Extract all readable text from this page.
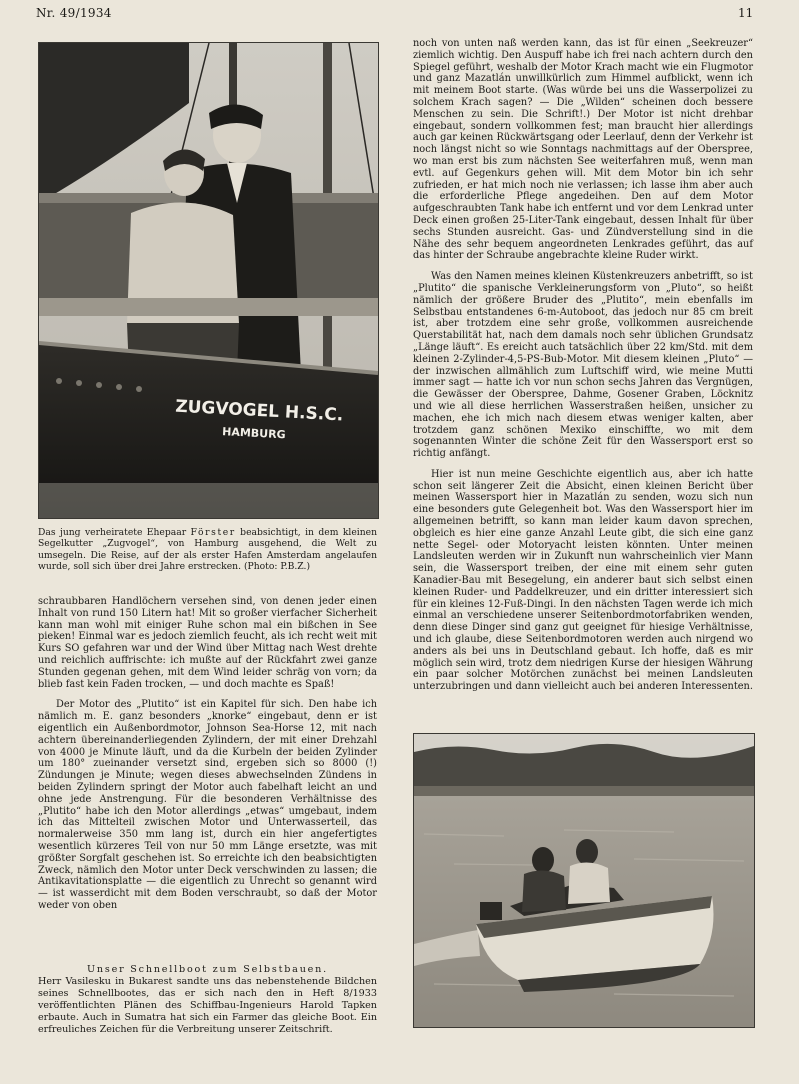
Nr. 49/1934	11
ZUGVOGEL H.S.C.
HAMBURG
Das jung verheiratete Ehepaar Förster beabsichtigt, in dem kleinen Segelkutter „Zugvogel“, von Hamburg ausgehend, die Welt zu umsegeln. Die Reise, auf der als erster Hafen Amsterdam angelaufen wurde, soll sich über drei Jahre erstrecken. (Photo: P.B.Z.)

schraubbaren Handlöchern versehen sind, von denen jeder einen Inhalt von rund 150 Litern hat! Mit so großer vierfacher Sicherheit kann man wohl mit einiger Ruhe schon mal ein bißchen in See pieken! Einmal war es jedoch ziemlich feucht, als ich recht weit mit Kurs SO gefahren war und der Wind über Mittag nach West drehte und reichlich auffrischte: ich mußte auf der Rückfahrt zwei ganze Stunden gegenan gehen, mit dem Wind leider schräg von vorn; da blieb fast kein Faden trocken, — und doch machte es Spaß!

Der Motor des „Plutito“ ist ein Kapitel für sich. Den habe ich nämlich m. E. ganz besonders „knorke“ eingebaut, denn er ist eigentlich ein Außenbordmotor, Johnson Sea-Horse 12, mit nach achtern übereinanderliegenden Zylindern, der mit einer Drehzahl von 4000 je Minute läuft, und da die Kurbeln der beiden Zylinder um 180° zueinander versetzt sind, ergeben sich so 8000 (!) Zündungen je Minute; wegen dieses abwechselnden Zündens in beiden Zylindern springt der Motor auch fabelhaft leicht an und ohne jede Anstrengung. Für die besonderen Verhältnisse des „Plutito“ habe ich den Motor allerdings „etwas“ umgebaut, indem ich das Mittelteil zwischen Motor und Unterwasserteil, das normalerweise 350 mm lang ist, durch ein hier angefertigtes wesentlich kürzeres Teil von nur 50 mm Länge ersetzte, was mit größter Sorgfalt geschehen ist. So erreichte ich den beabsichtigten Zweck, nämlich den Motor unter Deck verschwinden zu lassen; die Antikavitationsplatte — die eigentlich zu Unrecht so genannt wird — ist wasserdicht mit dem Boden verschraubt, so daß der Motor weder von oben

Unser Schnellboot zum Selbstbauen.
Herr Vasilesku in Bukarest sandte uns das nebenstehende Bildchen seines Schnellbootes, das er sich nach den in Heft 8/1933 veröffentlichten Plänen des Schiffbau-Ingenieurs Harold Tapken erbaute. Auch in Sumatra hat sich ein Farmer das gleiche Boot. Ein erfreuliches Zeichen für die Verbreitung unserer Zeitschrift.

noch von unten naß werden kann, das ist für einen „Seekreuzer“ ziemlich wichtig. Den Auspuff habe ich frei nach achtern durch den Spiegel geführt, weshalb der Motor Krach macht wie ein Flugmotor und ganz Mazatlán unwillkürlich zum Himmel aufblickt, wenn ich mit meinem Boot starte. (Was würde bei uns die Wasserpolizei zu solchem Krach sagen? — Die „Wilden“ scheinen doch bessere Menschen zu sein. Die Schrift!.) Der Motor ist nicht drehbar eingebaut, sondern vollkommen fest; man braucht hier allerdings auch gar keinen Rückwärtsgang oder Leerlauf, denn der Verkehr ist noch längst nicht so wie Sonntags nachmittags auf der Oberspree, wo man erst bis zum nächsten See weiterfahren muß, wenn man evtl. auf Gegenkurs gehen will. Mit dem Motor bin ich sehr zufrieden, er hat mich noch nie verlassen; ich lasse ihm aber auch die erforderliche Pflege angedeihen. Den auf dem Motor aufgeschraubten Tank habe ich entfernt und vor dem Lenkrad unter Deck einen großen 25-Liter-Tank eingebaut, dessen Inhalt für über sechs Stunden ausreicht. Gas- und Zündverstellung sind in die Nähe des sehr bequem angeordneten Lenkrades geführt, das auf das hinter der Schraube angebrachte kleine Ruder wirkt.

Was den Namen meines kleinen Küstenkreuzers anbetrifft, so ist „Plutito“ die spanische Verkleinerungsform von „Pluto“, so heißt nämlich der größere Bruder des „Plutito“, mein ebenfalls im Selbstbau entstandenes 6-m-Autoboot, das jedoch nur 85 cm breit ist, aber trotzdem eine sehr große, vollkommen ausreichende Querstabilität hat, nach dem damals noch sehr üblichen Grundsatz „Länge läuft“. Es ereicht auch tatsächlich über 22 km/Std. mit dem kleinen 2-Zylinder-4,5-PS-Bub-Motor. Mit diesem kleinen „Pluto“ — der inzwischen allmählich zum Luftschiff wird, wie meine Mutti immer sagt — hatte ich vor nun schon sechs Jahren das Vergnügen, die Gewässer der Oberspree, Dahme, Gosener Graben, Löcknitz und wie all diese herrlichen Wasserstraßen heißen, unsicher zu machen, ehe ich mich nach diesem etwas weniger kalten, aber trotzdem ganz schönen Mexiko einschiffte, wo mit dem sogenannten Winter die schöne Zeit für den Wassersport erst so richtig anfängt.

Hier ist nun meine Geschichte eigentlich aus, aber ich hatte schon seit längerer Zeit die Absicht, einen kleinen Bericht über meinen Wassersport hier in Mazatlán zu senden, wozu sich nun eine besonders gute Gelegenheit bot. Was den Wassersport hier im allgemeinen betrifft, so kann man leider kaum davon sprechen, obgleich es hier eine ganze Anzahl Leute gibt, die sich eine ganz nette Segel- oder Motoryacht leisten könnten. Unter meinen Landsleuten werden wir in Zukunft nun wahrscheinlich vier Mann sein, die Wassersport treiben, der eine mit einem sehr guten Kanadier-Bau mit Besegelung, ein anderer baut sich selbst einen kleinen Ruder- und Paddelkreuzer, und ein dritter interessiert sich für ein kleines 12-Fuß-Dingi. In den nächsten Tagen werde ich mich einmal an verschiedene unserer Seitenbordmotorfabriken wenden, denn diese Dinger sind ganz gut geeignet für hiesige Verhältnisse, und ich glaube, diese Seitenbordmotoren werden auch nirgend wo anders als bei uns in Deutschland gebaut. Ich hoffe, daß es mir möglich sein wird, trotz dem niedrigen Kurse der hiesigen Währung ein paar solcher Motörchen zunächst bei meinen Landsleuten unterzubringen und dann vielleicht auch bei anderen Interessenten.
